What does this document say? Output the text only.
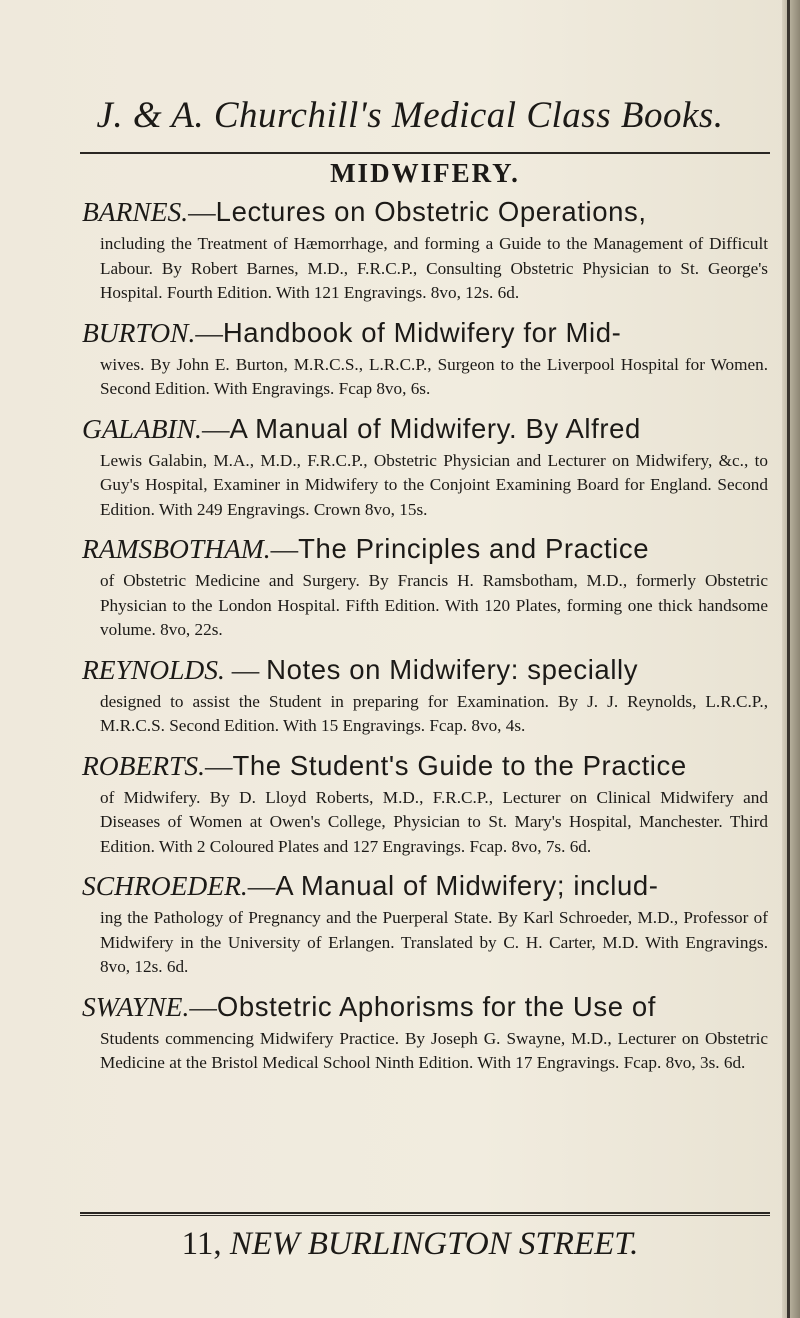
J. & A. Churchill's Medical Class Books.
MIDWIFERY.
BARNES.—Lectures on Obstetric Operations,
including the Treatment of Hæmorrhage, and forming a Guide to the Management of Difficult Labour. By Robert Barnes, M.D., F.R.C.P., Consulting Obstetric Physician to St. George's Hospital. Fourth Edition. With 121 Engravings. 8vo, 12s. 6d.
BURTON.—Handbook of Midwifery for Mid-
wives. By John E. Burton, M.R.C.S., L.R.C.P., Surgeon to the Liverpool Hospital for Women. Second Edition. With Engravings. Fcap 8vo, 6s.
GALABIN.—A Manual of Midwifery. By Alfred
Lewis Galabin, M.A., M.D., F.R.C.P., Obstetric Physician and Lecturer on Midwifery, &c., to Guy's Hospital, Examiner in Midwifery to the Conjoint Examining Board for England. Second Edition. With 249 Engravings. Crown 8vo, 15s.
RAMSBOTHAM.—The Principles and Practice
of Obstetric Medicine and Surgery. By Francis H. Ramsbotham, M.D., formerly Obstetric Physician to the London Hospital. Fifth Edition. With 120 Plates, forming one thick handsome volume. 8vo, 22s.
REYNOLDS. — Notes on Midwifery: specially
designed to assist the Student in preparing for Examination. By J. J. Reynolds, L.R.C.P., M.R.C.S. Second Edition. With 15 Engravings. Fcap. 8vo, 4s.
ROBERTS.—The Student's Guide to the Practice
of Midwifery. By D. Lloyd Roberts, M.D., F.R.C.P., Lecturer on Clinical Midwifery and Diseases of Women at Owen's College, Physician to St. Mary's Hospital, Manchester. Third Edition. With 2 Coloured Plates and 127 Engravings. Fcap. 8vo, 7s. 6d.
SCHROEDER.—A Manual of Midwifery; includ-
ing the Pathology of Pregnancy and the Puerperal State. By Karl Schroeder, M.D., Professor of Midwifery in the University of Erlangen. Translated by C. H. Carter, M.D. With Engravings. 8vo, 12s. 6d.
SWAYNE.—Obstetric Aphorisms for the Use of
Students commencing Midwifery Practice. By Joseph G. Swayne, M.D., Lecturer on Obstetric Medicine at the Bristol Medical School Ninth Edition. With 17 Engravings. Fcap. 8vo, 3s. 6d.
11, NEW BURLINGTON STREET.
